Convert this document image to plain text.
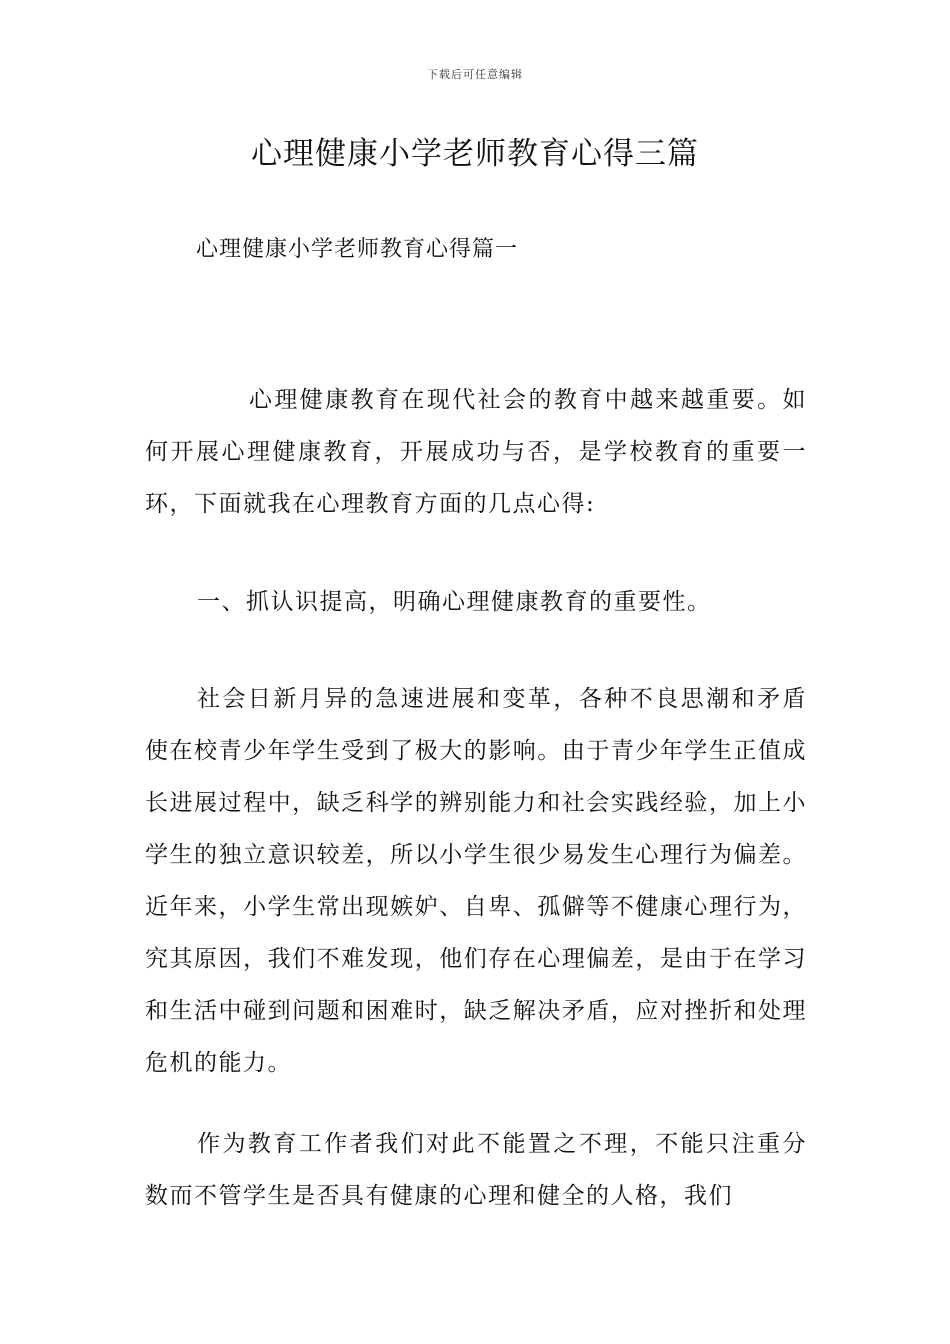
下载后可任意编辑
心理健康小学老师教育心得三篇
心理健康小学老师教育心得篇一

心理健康教育在现代社会的教育中越来越重要。如何开展心理健康教育，开展成功与否，是学校教育的重要一环，下面就我在心理教育方面的几点心得:

一、抓认识提高，明确心理健康教育的重要性。

社会日新月异的急速进展和变革，各种不良思潮和矛盾使在校青少年学生受到了极大的影响。由于青少年学生正值成长进展过程中，缺乏科学的辨别能力和社会实践经验，加上小学生的独立意识较差，所以小学生很少易发生心理行为偏差。近年来，小学生常出现嫉妒、自卑、孤僻等不健康心理行为，究其原因，我们不难发现，他们存在心理偏差，是由于在学习和生活中碰到问题和困难时，缺乏解决矛盾，应对挫折和处理危机的能力。

作为教育工作者我们对此不能置之不理，不能只注重分数而不管学生是否具有健康的心理和健全的人格，我们
